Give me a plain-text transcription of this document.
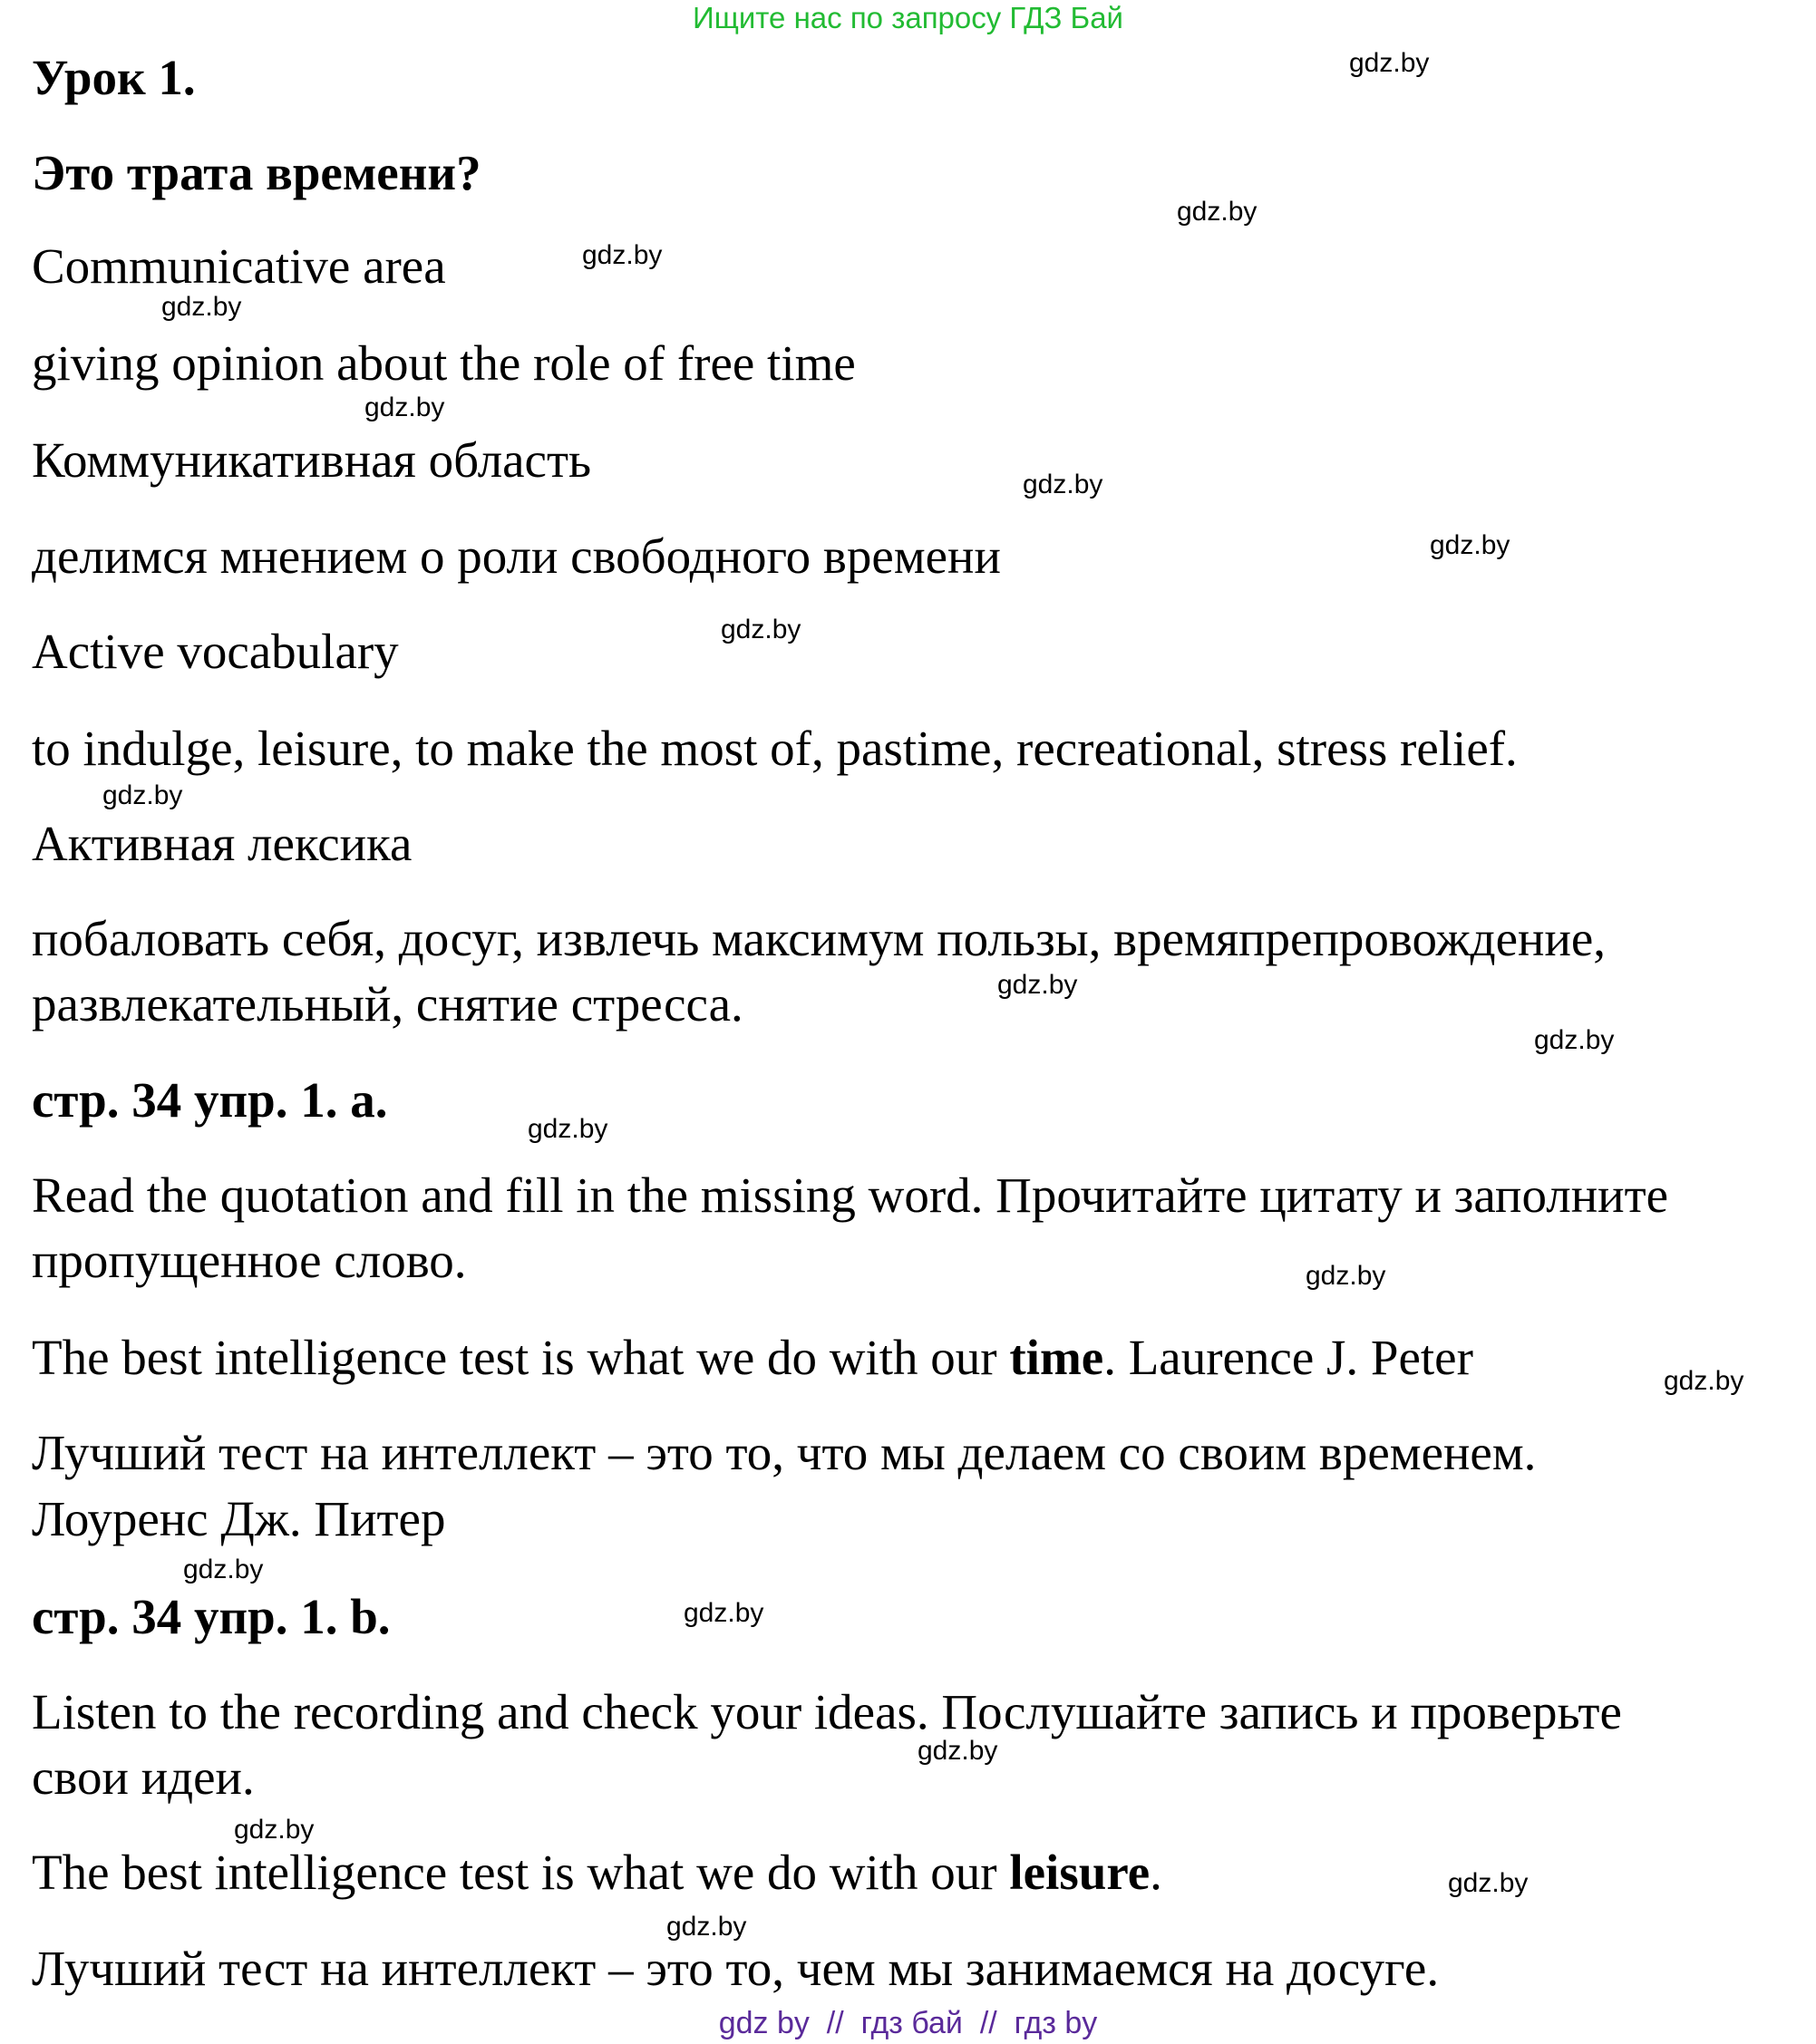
Ищите нас по запросу ГДЗ Бай
Урок 1.
Это трата времени?
Communicative area
giving opinion about the role of free time
Коммуникативная область
делимся мнением о роли свободного времени
Active vocabulary
to indulge, leisure, to make the most of, pastime, recreational, stress relief.
Активная лексика
побаловать себя, досуг, извлечь максимум пользы, времяпрепровождение,
развлекательный, снятие стресса.
стр. 34 упр. 1. a.
Read the quotation and fill in the missing word. Прочитайте цитату и заполните
пропущенное слово.
The best intelligence test is what we do with our time. Laurence J. Peter
Лучший тест на интеллект – это то, что мы делаем со своим временем.
Лоуренс Дж. Питер
стр. 34 упр. 1. b.
Listen to the recording and check your ideas. Послушайте запись и проверьте
свои идеи.
The best intelligence test is what we do with our leisure.
Лучший тест на интеллект – это то, чем мы занимаемся на досуге.
gdz.by
gdz.by
gdz.by
gdz.by
gdz.by
gdz.by
gdz.by
gdz.by
gdz.by
gdz.by
gdz.by
gdz.by
gdz.by
gdz.by
gdz.by
gdz.by
gdz.by
gdz.by
gdz.by
gdz.by
gdz by  //  гдз бай  //  гдз by
